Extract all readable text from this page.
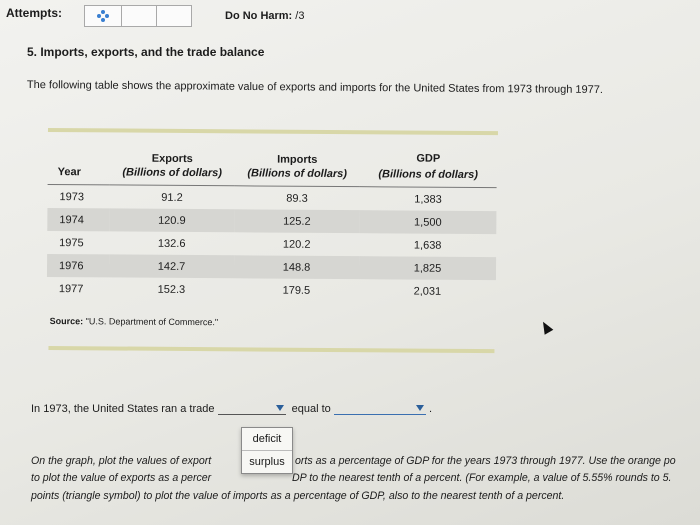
Attempts:	Do No Harm: /3
5. Imports, exports, and the trade balance
The following table shows the approximate value of exports and imports for the United States from 1973 through 1977.
	Exports	Imports	GDP
Year	(Billions of dollars)	(Billions of dollars)	(Billions of dollars)
1973	91.2	89.3	1,383
1974	120.9	125.2	1,500
1975	132.6	120.2	1,638
1976	142.7	148.8	1,825
1977	152.3	179.5	2,031
Source: "U.S. Department of Commerce."
In 1973, the United States ran a trade	equal to	.
deficit
surplus
On the graph, plot the values of export	orts as a percentage of GDP for the years 1973 through 1977. Use the orange po
to plot the value of exports as a percer	DP to the nearest tenth of a percent. (For example, a value of 5.55% rounds to 5.
points (triangle symbol) to plot the value of imports as a percentage of GDP, also to the nearest tenth of a percent.
